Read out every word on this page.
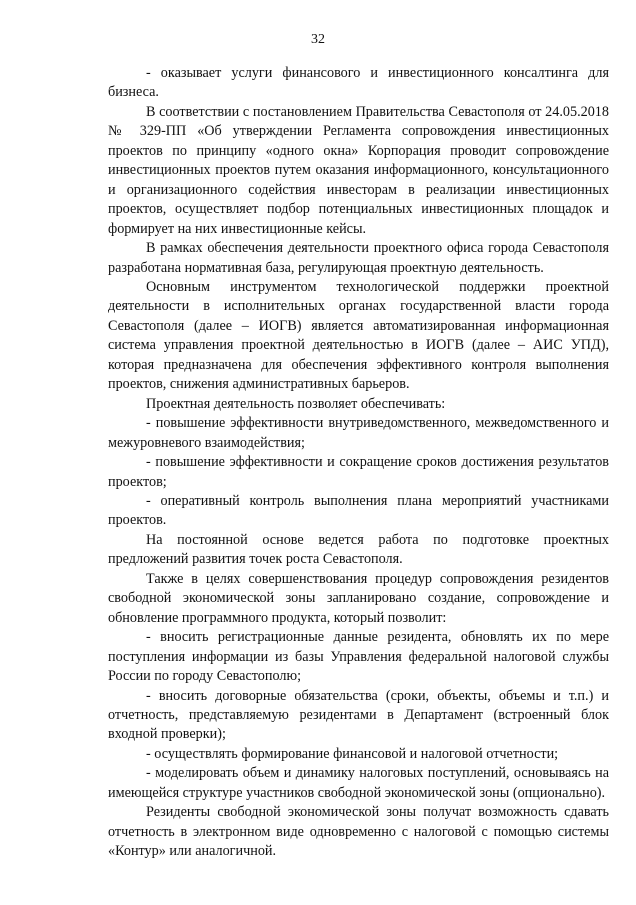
32

- оказывает услуги финансового и инвестиционного консалтинга для бизнеса.

В соответствии с постановлением Правительства Севастополя от 24.05.2018 № 329-ПП «Об утверждении Регламента сопровождения инвестиционных проектов по принципу «одного окна» Корпорация проводит сопровождение инвестиционных проектов путем оказания информационного, консультационного и организационного содействия инвесторам в реализации инвестиционных проектов, осуществляет подбор потенциальных инвестиционных площадок и формирует на них инвестиционные кейсы.

В рамках обеспечения деятельности проектного офиса города Севастополя разработана нормативная база, регулирующая проектную деятельность.

Основным инструментом технологической поддержки проектной деятельности в исполнительных органах государственной власти города Севастополя (далее – ИОГВ) является автоматизированная информационная система управления проектной деятельностью в ИОГВ (далее – АИС УПД), которая предназначена для обеспечения эффективного контроля выполнения проектов, снижения административных барьеров.

Проектная деятельность позволяет обеспечивать:

- повышение эффективности внутриведомственного, межведомственного и межуровневого взаимодействия;

- повышение эффективности и сокращение сроков достижения результатов проектов;

- оперативный контроль выполнения плана мероприятий участниками проектов.

На постоянной основе ведется работа по подготовке проектных предложений развития точек роста Севастополя.

Также в целях совершенствования процедур сопровождения резидентов свободной экономической зоны запланировано создание, сопровождение и обновление программного продукта, который позволит:

- вносить регистрационные данные резидента, обновлять их по мере поступления информации из базы Управления федеральной налоговой службы России по городу Севастополю;

- вносить договорные обязательства (сроки, объекты, объемы и т.п.) и отчетность, представляемую резидентами в Департамент (встроенный блок входной проверки);

- осуществлять формирование финансовой и налоговой отчетности;

- моделировать объем и динамику налоговых поступлений, основываясь на имеющейся структуре участников свободной экономической зоны (опционально).

Резиденты свободной экономической зоны получат возможность сдавать отчетность в электронном виде одновременно с налоговой с помощью системы «Контур» или аналогичной.
